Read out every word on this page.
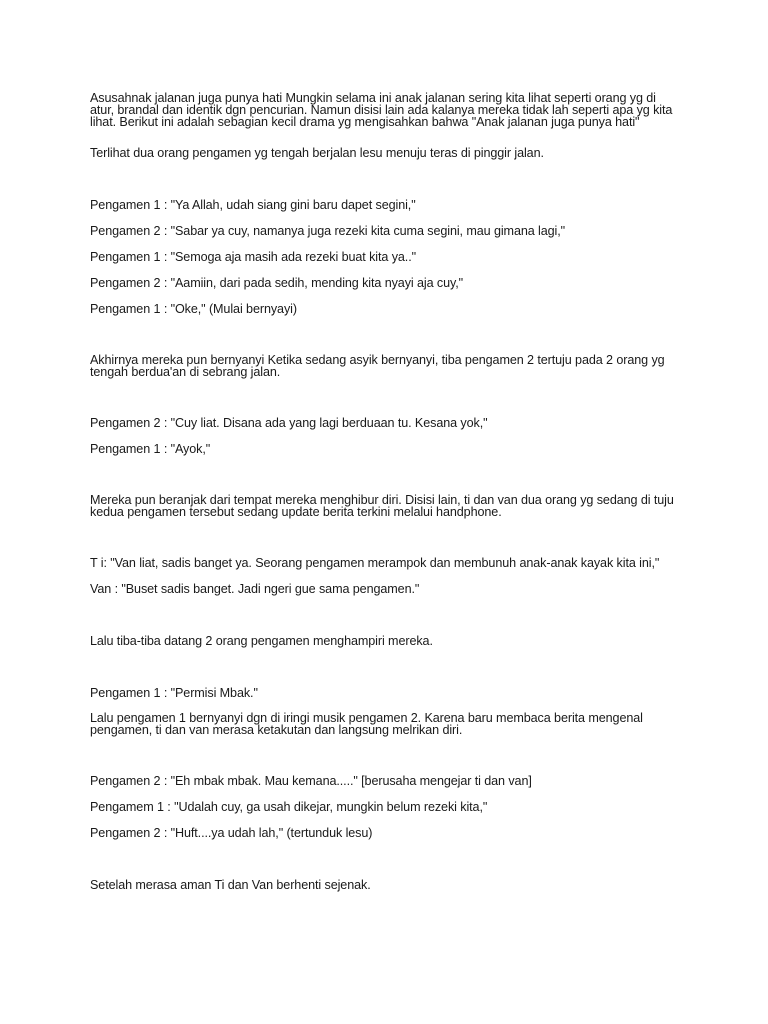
Asusahnak jalanan juga punya hati Mungkin selama ini anak jalanan sering kita lihat seperti orang yg di atur, brandal dan identik dgn pencurian. Namun disisi lain ada kalanya mereka tidak lah seperti apa yg kita lihat. Berikut ini adalah sebagian kecil drama yg mengisahkan bahwa "Anak jalanan juga punya hati"

Terlihat dua orang pengamen yg tengah berjalan lesu menuju teras di pinggir jalan.

Pengamen 1 : "Ya Allah, udah siang gini baru dapet segini,"

Pengamen 2 : "Sabar ya cuy, namanya juga rezeki kita cuma segini, mau gimana lagi,"

Pengamen 1 : "Semoga aja masih ada rezeki buat kita ya.."

Pengamen 2 : "Aamiin, dari pada sedih, mending kita nyayi aja cuy,"

Pengamen 1 : "Oke," (Mulai bernyayi)

Akhirnya mereka pun bernyanyi Ketika sedang asyik bernyanyi, tiba pengamen 2 tertuju pada 2 orang yg tengah berdua'an di sebrang jalan.

Pengamen 2 : "Cuy liat. Disana ada yang lagi berduaan tu. Kesana yok,"

Pengamen 1 : "Ayok,"

Mereka pun beranjak dari tempat mereka menghibur diri. Disisi lain, ti dan van dua orang yg sedang di tuju kedua pengamen tersebut sedang update berita terkini melalui handphone.

T i: "Van liat, sadis banget ya. Seorang pengamen merampok dan membunuh anak-anak kayak kita ini,"

Van : "Buset sadis banget. Jadi ngeri gue sama pengamen."

Lalu tiba-tiba datang 2 orang pengamen menghampiri mereka.

Pengamen 1 : "Permisi Mbak."

Lalu pengamen 1 bernyanyi dgn di iringi musik pengamen 2. Karena baru membaca berita mengenal pengamen, ti dan van merasa ketakutan dan langsung melrikan diri.

Pengamen 2 : "Eh mbak mbak. Mau kemana....." [berusaha mengejar ti dan van]

Pengamem 1 : "Udalah cuy, ga usah dikejar, mungkin belum rezeki kita,"

Pengamen 2 : "Huft....ya udah lah," (tertunduk lesu)

Setelah merasa aman Ti dan Van berhenti sejenak.
